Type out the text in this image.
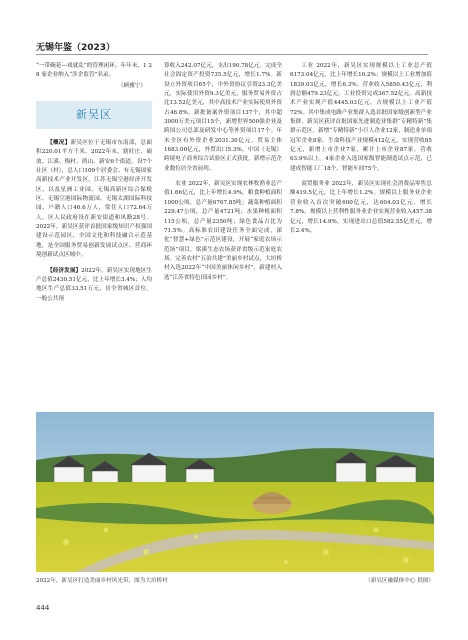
无锡年鉴（2023）

“一带碗花—戏就乱”的管理闭环。年年末，1 2 8 家企业纳入“涉企监管”名录。

（顾雅宁）
新吴区

【概况】新吴区位于无锡市东南部，总面积220.01平方千米，2022年末，辖旺庄、硕放、江溪、梅村、鸿山、新安6个街道，设7个社区（村），总人口109个居委会、有无锡国家高新技术产业开发区，江苏无锡空港经济开发区，以及星洲工业园、无锡高新区综合保税区、无锡空港国际物流园、无锡太湖国际科技园，户籍人口46.6万人，常住人口72.64万人。区人民政府设在新安街道和风路28号。2022年，新吴区获评首批国家级知识产权强国建设示范园区，全国文化和科技融合示范基地，是全国服务贸易创新发展试点区、营商环境创新试点区域中。

【经济发展】2022年，新吴区实现地区生产总值2430.51亿元，比上年增长3.4%；人均地区生产总值33.51万元，居全省城区首位。一般公共预

算收入242.07亿元，支出190.78亿元。完成全社会固定资产投资735.5亿元，增长1.7%。新设立外资项目65个，中外资协议引资23.3亿美元，实际使用外资9.3亿美元，服务贸易外资占比13.52亿美元，其中高技术产业实际使用外资占46.8%。新批备案外资项目137个，其中超3000万美元项目15个，新增世界500强企业及跨国公司总部及研发中心等外资项目17个。年末全区有外资企业2031.30亿元，贸易主体1683.00亿元，外贸出口5.3%。中国（无锡）跨境电子商务综合试验区正式获批，新增示范企业数位居全省前列。

农业 2022年，新吴区实现农林牧渔业总产值1.66亿元，比上年增长4.9%。粮食种植面积1000公顷，总产量6767.85吨；蔬菜种植面积229.47公顷，总产量4721吨；水果种植面积115公顷，总产量2350吨；绿色食品占比为71.5%。高标准农田建设任务全面完成，深化“智慧+绿色”示范区建设，开展“家庭农场示范场”项目，梁溪生态农场获评省级示范家庭农场。完善农村“五治共建”美丽乡村试点，大坊桥村入选2022年“中国美丽休闲乡村”，新建村入选“江苏省特色田园乡村”。

工业 2022年，新吴区实现规模以上工业总产值6173.04亿元，比上年增长10.2%；规模以上工业增加值1839.03亿元，增长6.3%；营业收入5850.43亿元，利润总额479.23亿元。工业投资完成367.52亿元。高新技术产业实现产值4445.03亿元，占规模以上工业产值72%。其中集成电路产业集群入选首批国家级创新型产业集群，新吴区获评首批国家先进制造业集群“专精特新”集群示范区。新增“专精特新”小巨人企业12家，制造业单项冠军企业8家。生命科技产业规模412亿元，实现营收85亿元，新增上市企业7家，累计上市企业87家，营收63.9%以上。4家企业入选国家级智能制造试点示范，已建成智能工厂18个、智能车间75个。

商贸服务业 2022年，新吴区实现社会消费品零售总额419.5亿元，比上年增长1.2%。规模以上服务业企业营业收入首次突破600亿元，达604.03亿元，增长7.8%。规模以上营利性服务业企业实现营业收入457.38亿元，增长14.9%。实现进出口总值582.55亿美元，增长2.4%。

2022年，新吴区打造美丽乡村风光带，图为大坊桥村	（新吴区融媒体中心 供图）
444
